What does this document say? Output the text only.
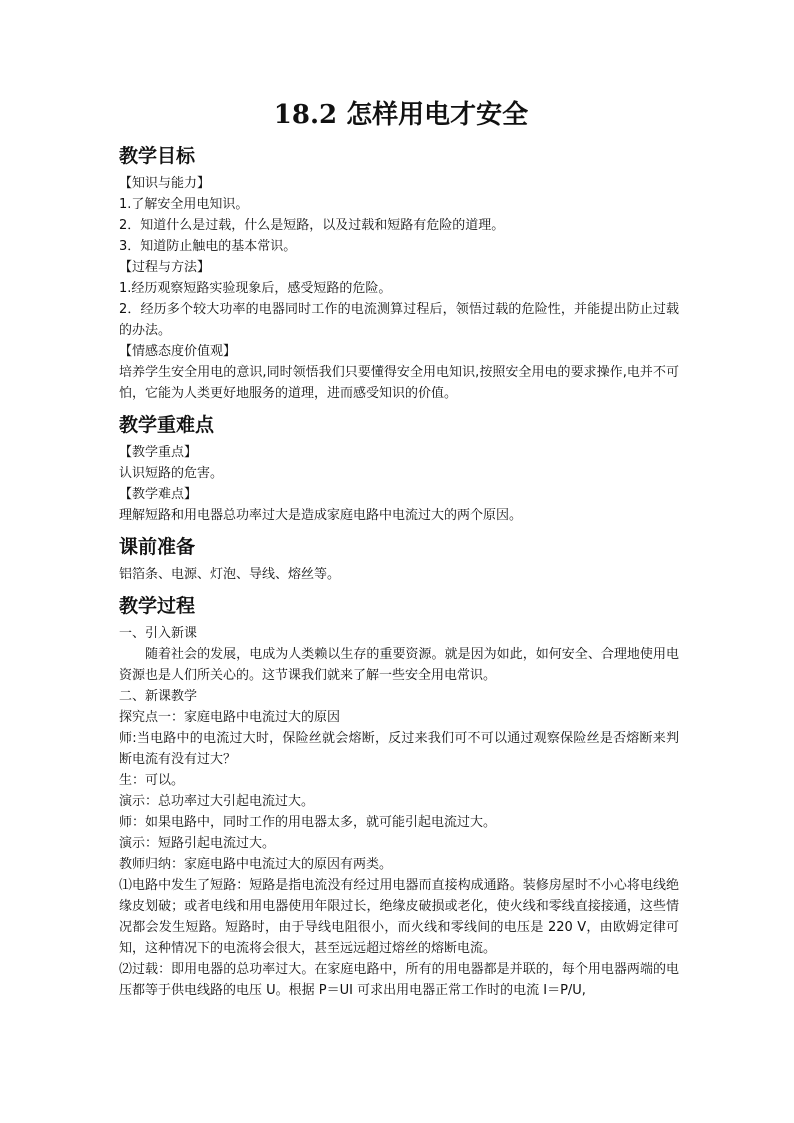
18.2 怎样用电才安全
教学目标

【知识与能力】

1.了解安全用电知识。

2．知道什么是过载，什么是短路，以及过载和短路有危险的道理。

3．知道防止触电的基本常识。

【过程与方法】

1.经历观察短路实验现象后，感受短路的危险。

2．经历多个较大功率的电器同时工作的电流测算过程后，领悟过载的危险性，并能提出防止过载的办法。

【情感态度价值观】

培养学生安全用电的意识,同时领悟我们只要懂得安全用电知识,按照安全用电的要求操作,电并不可怕，它能为人类更好地服务的道理，进而感受知识的价值。

教学重难点

【教学重点】

认识短路的危害。

【教学难点】

理解短路和用电器总功率过大是造成家庭电路中电流过大的两个原因。

课前准备

铝箔条、电源、灯泡、导线、熔丝等。

教学过程

一、引入新课

随着社会的发展，电成为人类赖以生存的重要资源。就是因为如此，如何安全、合理地使用电资源也是人们所关心的。这节课我们就来了解一些安全用电常识。

二、新课教学

探究点一：家庭电路中电流过大的原因

师:当电路中的电流过大时，保险丝就会熔断，反过来我们可不可以通过观察保险丝是否熔断来判断电流有没有过大？

生：可以。

演示：总功率过大引起电流过大。

师：如果电路中，同时工作的用电器太多，就可能引起电流过大。

演示：短路引起电流过大。

教师归纳：家庭电路中电流过大的原因有两类。

⑴电路中发生了短路：短路是指电流没有经过用电器而直接构成通路。装修房屋时不小心将电线绝缘皮划破；或者电线和用电器使用年限过长，绝缘皮破损或老化，使火线和零线直接接通，这些情况都会发生短路。短路时，由于导线电阻很小，而火线和零线间的电压是 220 V，由欧姆定律可知，这种情况下的电流将会很大，甚至远远超过熔丝的熔断电流。

⑵过载：即用电器的总功率过大。在家庭电路中，所有的用电器都是并联的，每个用电器两端的电压都等于供电线路的电压 U。根据 P＝UI 可求出用电器正常工作时的电流 I＝P/U,
